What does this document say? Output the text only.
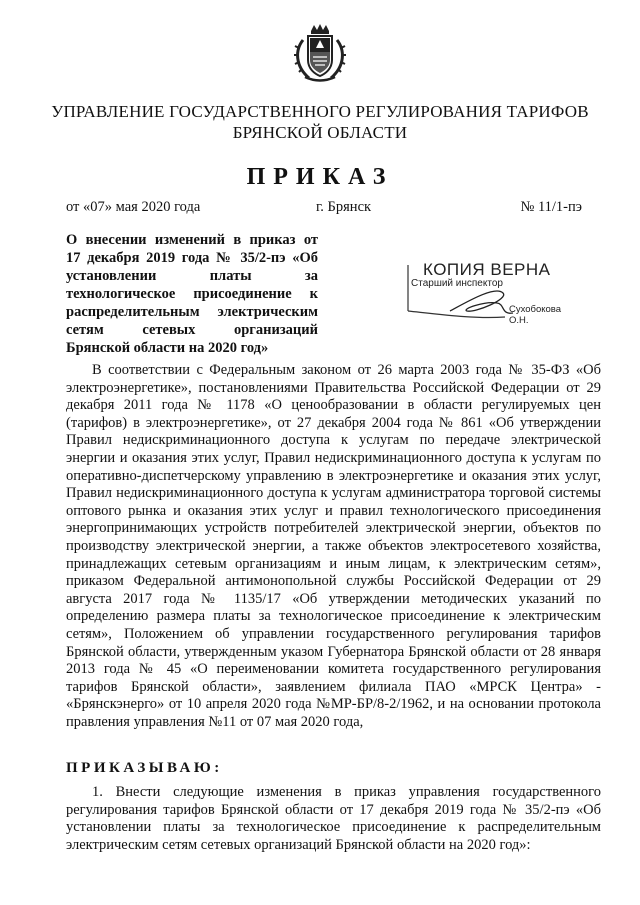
УПРАВЛЕНИЕ ГОСУДАРСТВЕННОГО РЕГУЛИРОВАНИЯ ТАРИФОВ
БРЯНСКОЙ ОБЛАСТИ
ПРИКАЗ
от «07» мая 2020 года	г. Брянск	№ 11/1-пэ
О внесении изменений в приказ от
17 декабря 2019 года № 35/2-пэ «Об
установлении платы за
технологическое присоединение к
распределительным электрическим
сетям сетевых организаций
Брянской области на 2020 год»
КОПИЯ ВЕРНА
Старший инспектор
Сухобокова О.Н.
В соответствии с Федеральным законом от 26 марта 2003 года № 35-ФЗ «Об электроэнергетике», постановлениями Правительства Российской Федерации от 29 декабря 2011 года № 1178 «О ценообразовании в области регулируемых цен (тарифов) в электроэнергетике», от 27 декабря 2004 года № 861 «Об утверждении Правил недискриминационного доступа к услугам по передаче электрической энергии и оказания этих услуг, Правил недискриминационного доступа к услугам по оперативно-диспетчерскому управлению в электроэнергетике и оказания этих услуг, Правил недискриминационного доступа к услугам администратора торговой системы оптового рынка и оказания этих услуг и правил технологического присоединения энергопринимающих устройств потребителей электрической энергии, объектов по производству электрической энергии, а также объектов электросетевого хозяйства, принадлежащих сетевым организациям и иным лицам, к электрическим сетям», приказом Федеральной антимонопольной службы Российской Федерации от 29 августа 2017 года № 1135/17 «Об утверждении методических указаний по определению размера платы за технологическое присоединение к электрическим сетям», Положением об управлении государственного регулирования тарифов Брянской области, утвержденным указом Губернатора Брянской области от 28 января 2013 года № 45 «О переименовании комитета государственного регулирования тарифов Брянской области», заявлением филиала ПАО «МРСК Центра» - «Брянскэнерго» от 10 апреля 2020 года №МР-БР/8-2/1962, и на основании протокола правления управления №11 от 07 мая 2020 года,
ПРИКАЗЫВАЮ:
1. Внести следующие изменения в приказ управления государственного регулирования тарифов Брянской области от 17 декабря 2019 года № 35/2-пэ «Об установлении платы за технологическое присоединение к распределительным электрическим сетям сетевых организаций Брянской области на 2020 год»:
